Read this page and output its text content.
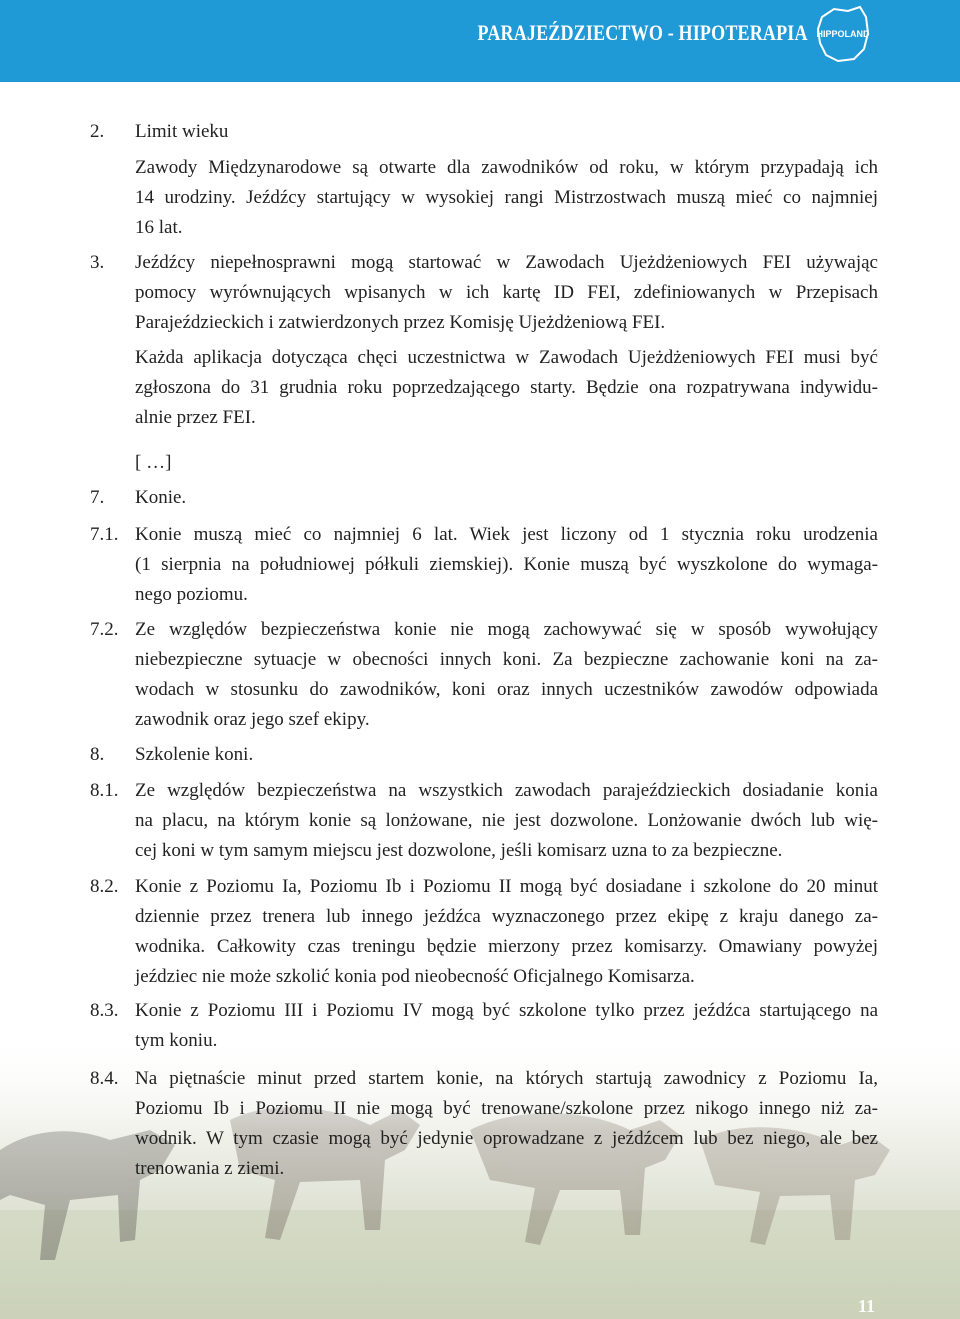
PARAJEŹDZIECTWO - HIPOTERAPIA HIPPOLAND
2. Limit wieku
Zawody Międzynarodowe są otwarte dla zawodników od roku, w którym przypadają ich
14 urodziny. Jeźdźcy startujący w wysokiej rangi Mistrzostwach muszą mieć co najmniej
16 lat.
3. Jeźdźcy niepełnosprawni mogą startować w Zawodach Ujeżdżeniowych FEI używając
pomocy wyrównujących wpisanych w ich kartę ID FEI, zdefiniowanych w Przepisach
Parajeździeckich i zatwierdzonych przez Komisję Ujeżdżeniową FEI.
Każda aplikacja dotycząca chęci uczestnictwa w Zawodach Ujeżdżeniowych FEI musi być
zgłoszona do 31 grudnia roku poprzedzającego starty. Będzie ona rozpatrywana indywidu-
alnie przez FEI.
[ …]
7. Konie.
7.1. Konie muszą mieć co najmniej 6 lat. Wiek jest liczony od 1 stycznia roku urodzenia
(1 sierpnia na południowej półkuli ziemskiej). Konie muszą być wyszkolone do wymaga-
nego poziomu.
7.2. Ze względów bezpieczeństwa konie nie mogą zachowywać się w sposób wywołujący
niebezpieczne sytuacje w obecności innych koni. Za bezpieczne zachowanie koni na za-
wodach w stosunku do zawodników, koni oraz innych uczestników zawodów odpowiada
zawodnik oraz jego szef ekipy.
8. Szkolenie koni.
8.1. Ze względów bezpieczeństwa na wszystkich zawodach parajeździeckich dosiadanie konia
na placu, na którym konie są lonżowane, nie jest dozwolone. Lonżowanie dwóch lub wię-
cej koni w tym samym miejscu jest dozwolone, jeśli komisarz uzna to za bezpieczne.
8.2. Konie z Poziomu Ia, Poziomu Ib i Poziomu II mogą być dosiadane i szkolone do 20 minut
dziennie przez trenera lub innego jeźdźca wyznaczonego przez ekipę z kraju danego za-
wodnika. Całkowity czas treningu będzie mierzony przez komisarzy. Omawiany powyżej
jeździec nie może szkolić konia pod nieobecność Oficjalnego Komisarza.
8.3. Konie z Poziomu III i Poziomu IV mogą być szkolone tylko przez jeźdźca startującego na
tym koniu.
8.4. Na piętnaście minut przed startem konie, na których startują zawodnicy z Poziomu Ia,
Poziomu Ib i Poziomu II nie mogą być trenowane/szkolone przez nikogo innego niż za-
wodnik. W tym czasie mogą być jedynie oprowadzane z jeźdźcem lub bez niego, ale bez
trenowania z ziemi.
11
